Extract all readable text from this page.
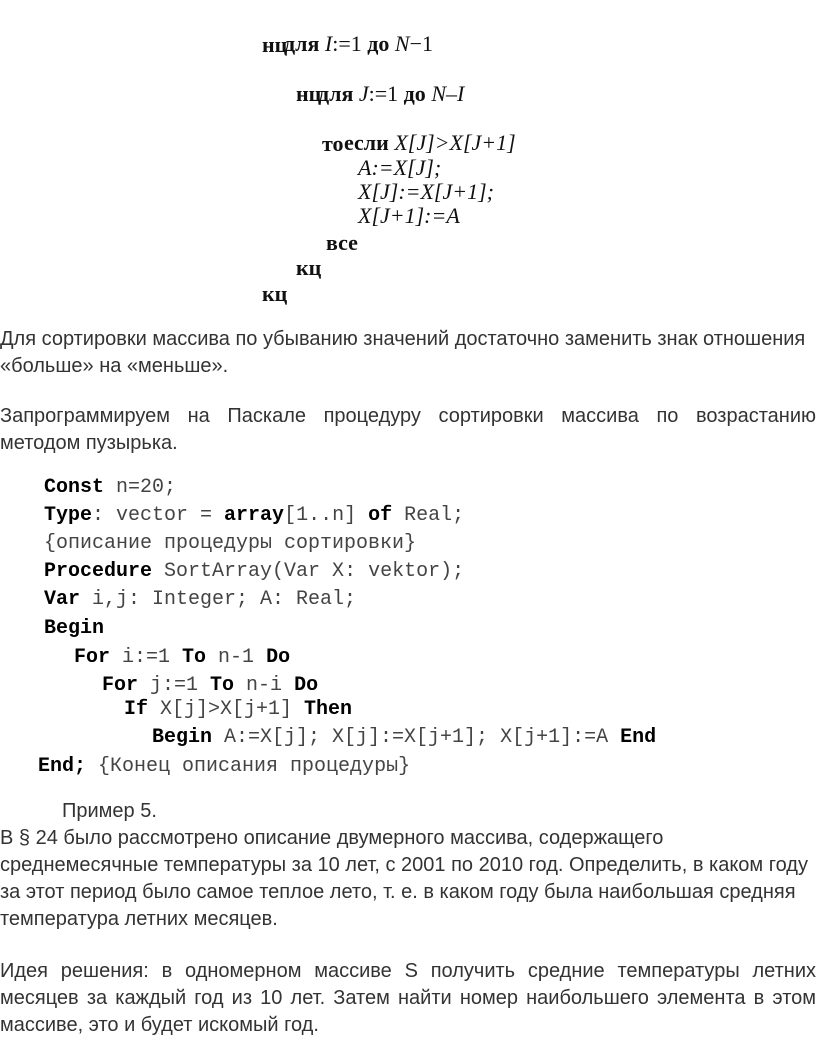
для I:=1 до N−1

нц

для J:=1 до N–I

нц

если X[J]>X[J+1]

то
A:=X[J];
X[J]:=X[J+1];
X[J+1]:=A
все
кц
кц

Для сортировки массива по убыванию значений достаточно заменить знак отношения «больше» на «меньше».

Запрограммируем на Паскале процедуру сортировки массива по возрастанию методом пузырька.

Const n=20;
Type: vector = array[1..n] of Real;
{описание процедуры сортировки}
Procedure SortArray(Var X: vektor);
Var i,j: Integer; A: Real;
Begin
For i:=1 To n-1 Do
For j:=1 To n-i Do
If X[j]>X[j+1] Then
Begin A:=X[j]; X[j]:=X[j+1]; X[j+1]:=A End
End; {Конец описания процедуры}

Пример 5.

В § 24 было рассмотрено описание двумерного массива, содержащего среднемесячные температуры за 10 лет, с 2001 по 2010 год. Определить, в каком году за этот период было самое теплое лето, т. е. в каком году была наибольшая средняя температура летних месяцев.

Идея решения: в одномерном массиве S получить средние температуры летних месяцев за каждый год из 10 лет. Затем найти номер наибольшего элемента в этом массиве, это и будет искомый год.
